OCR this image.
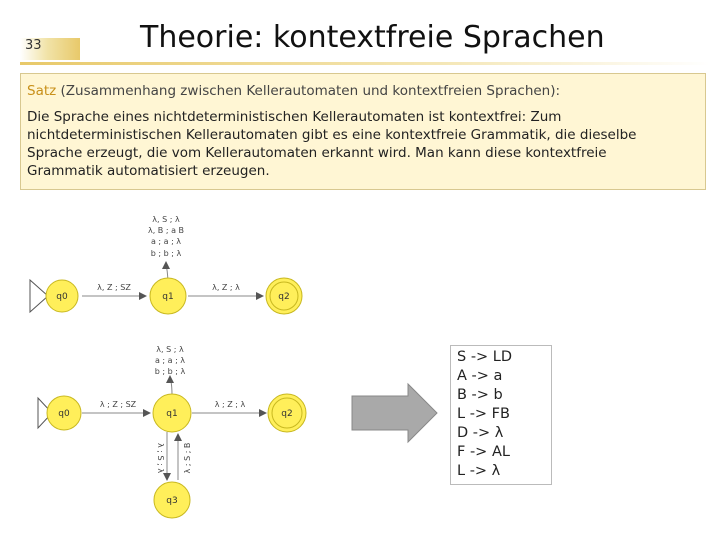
33	Theorie: kontextfreie Sprachen

Satz (Zusammenhang zwischen Kellerautomaten und kontextfreien Sprachen):

Die Sprache eines nichtdeterministischen Kellerautomaten ist kontextfrei: Zum

nichtdeterministischen Kellerautomaten gibt es eine kontextfreie Grammatik, die dieselbe

Sprache erzeugt, die vom Kellerautomaten erkannt wird. Man kann diese kontextfreie

Grammatik automatisiert erzeugen.

q0	q1	q2
λ, S ; λ
λ, B ; a B
a ; a ; λ
b ; b ; λ
λ, Z ; SZ	λ, Z ; λ
q0	q1	q2
q3
λ, S ; λ
a ; a ; λ
b ; b ; λ
λ ; Z ; SZ	λ ; Z ; λ
λ ; S ; λ λ ; S ; B
S -> LD
A -> a
B -> b
L -> FB
D -> λ
F -> AL
L -> λ
